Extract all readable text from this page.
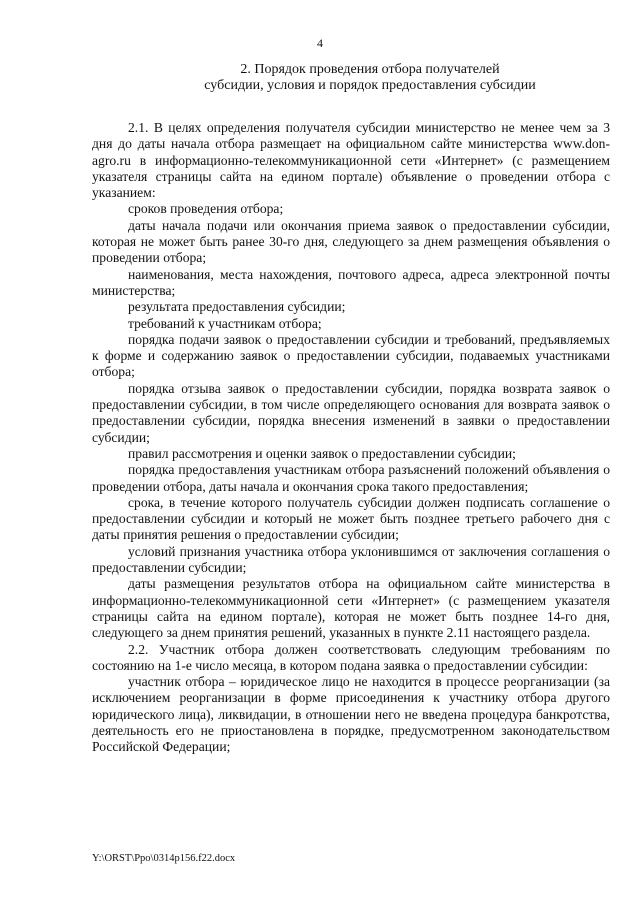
4
2. Порядок проведения отбора получателей
субсидии, условия и порядок предоставления субсидии

2.1. В целях определения получателя субсидии министерство не менее чем за 3 дня до даты начала отбора размещает на официальном сайте министерства www.don-agro.ru в информационно-телекоммуникационной сети «Интернет» (с размещением указателя страницы сайта на едином портале) объявление о проведении отбора с указанием:

сроков проведения отбора;

даты начала подачи или окончания приема заявок о предоставлении субсидии, которая не может быть ранее 30-го дня, следующего за днем размещения объявления о проведении отбора;

наименования, места нахождения, почтового адреса, адреса электронной почты министерства;

результата предоставления субсидии;

требований к участникам отбора;

порядка подачи заявок о предоставлении субсидии и требований, предъявляемых к форме и содержанию заявок о предоставлении субсидии, подаваемых участниками отбора;

порядка отзыва заявок о предоставлении субсидии, порядка возврата заявок о предоставлении субсидии, в том числе определяющего основания для возврата заявок о предоставлении субсидии, порядка внесения изменений в заявки о предоставлении субсидии;

правил рассмотрения и оценки заявок о предоставлении субсидии;

порядка предоставления участникам отбора разъяснений положений объявления о проведении отбора, даты начала и окончания срока такого предоставления;

срока, в течение которого получатель субсидии должен подписать соглашение о предоставлении субсидии и который не может быть позднее третьего рабочего дня с даты принятия решения о предоставлении субсидии;

условий признания участника отбора уклонившимся от заключения соглашения о предоставлении субсидии;

даты размещения результатов отбора на официальном сайте министерства в информационно-телекоммуникационной сети «Интернет» (с размещением указателя страницы сайта на едином портале), которая не может быть позднее 14-го дня, следующего за днем принятия решений, указанных в пункте 2.11 настоящего раздела.

2.2. Участник отбора должен соответствовать следующим требованиям по состоянию на 1-е число месяца, в котором подана заявка о предоставлении субсидии:

участник отбора – юридическое лицо не находится в процессе реорганизации (за исключением реорганизации в форме присоединения к участнику отбора другого юридического лица), ликвидации, в отношении него не введена процедура банкротства, деятельность его не приостановлена в порядке, предусмотренном законодательством Российской Федерации;

Y:\ORST\Ppo\0314p156.f22.docx
